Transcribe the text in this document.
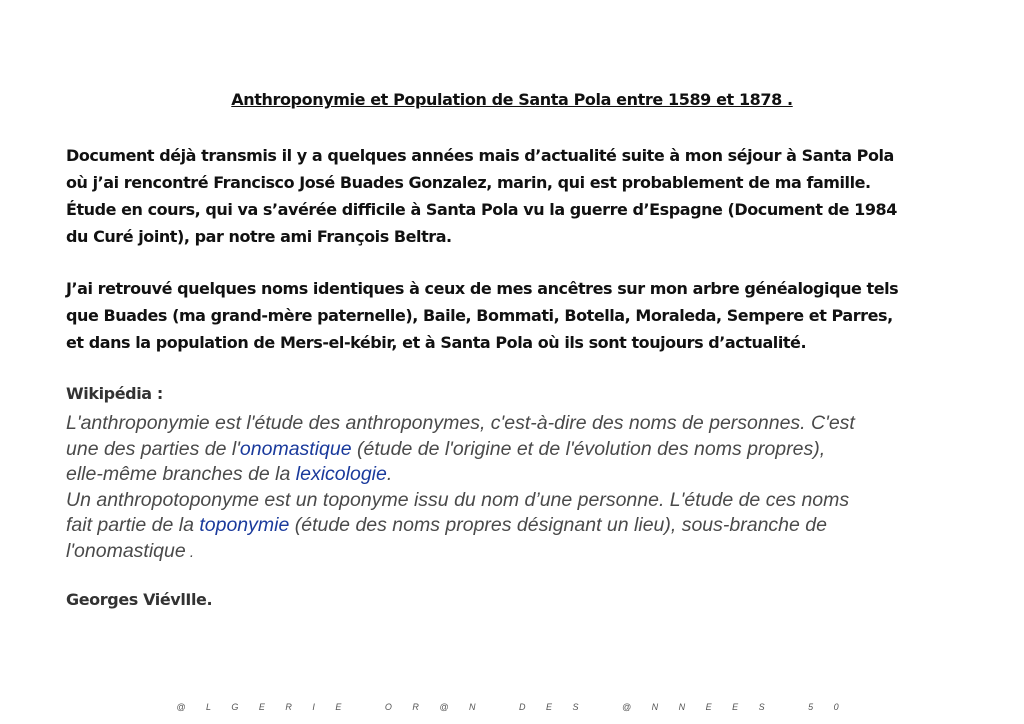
Anthroponymie et Population de Santa Pola entre 1589 et 1878 .
Document déjà transmis il y a quelques années mais d’actualité suite à mon séjour à Santa Pola
où j’ai rencontré Francisco José Buades Gonzalez, marin, qui est probablement de ma famille.
Étude en cours, qui va s’avérée difficile à Santa Pola vu la guerre d’Espagne (Document de 1984
du Curé joint), par notre ami François Beltra.
J’ai retrouvé quelques noms identiques à ceux de mes ancêtres sur mon arbre généalogique tels
que Buades (ma grand-mère paternelle), Baile, Bommati, Botella, Moraleda, Sempere et Parres,
et dans la population de Mers-el-kébir, et à Santa Pola où ils sont toujours d’actualité.
Wikipédia :
L'anthroponymie est l'étude des anthroponymes, c'est-à-dire des noms de personnes. C'est
une des parties de l'onomastique (étude de l'origine et de l'évolution des noms propres),
elle-même branches de la lexicologie.
Un anthropotoponyme est un toponyme issu du nom d’une personne. L'étude de ces noms
fait partie de la toponymie (étude des noms propres désignant un lieu), sous-branche de
l'onomastique .
Georges ViévlIle.
@ L G E R I E   O R @ N   D E S   @ N N E E S   5 0
